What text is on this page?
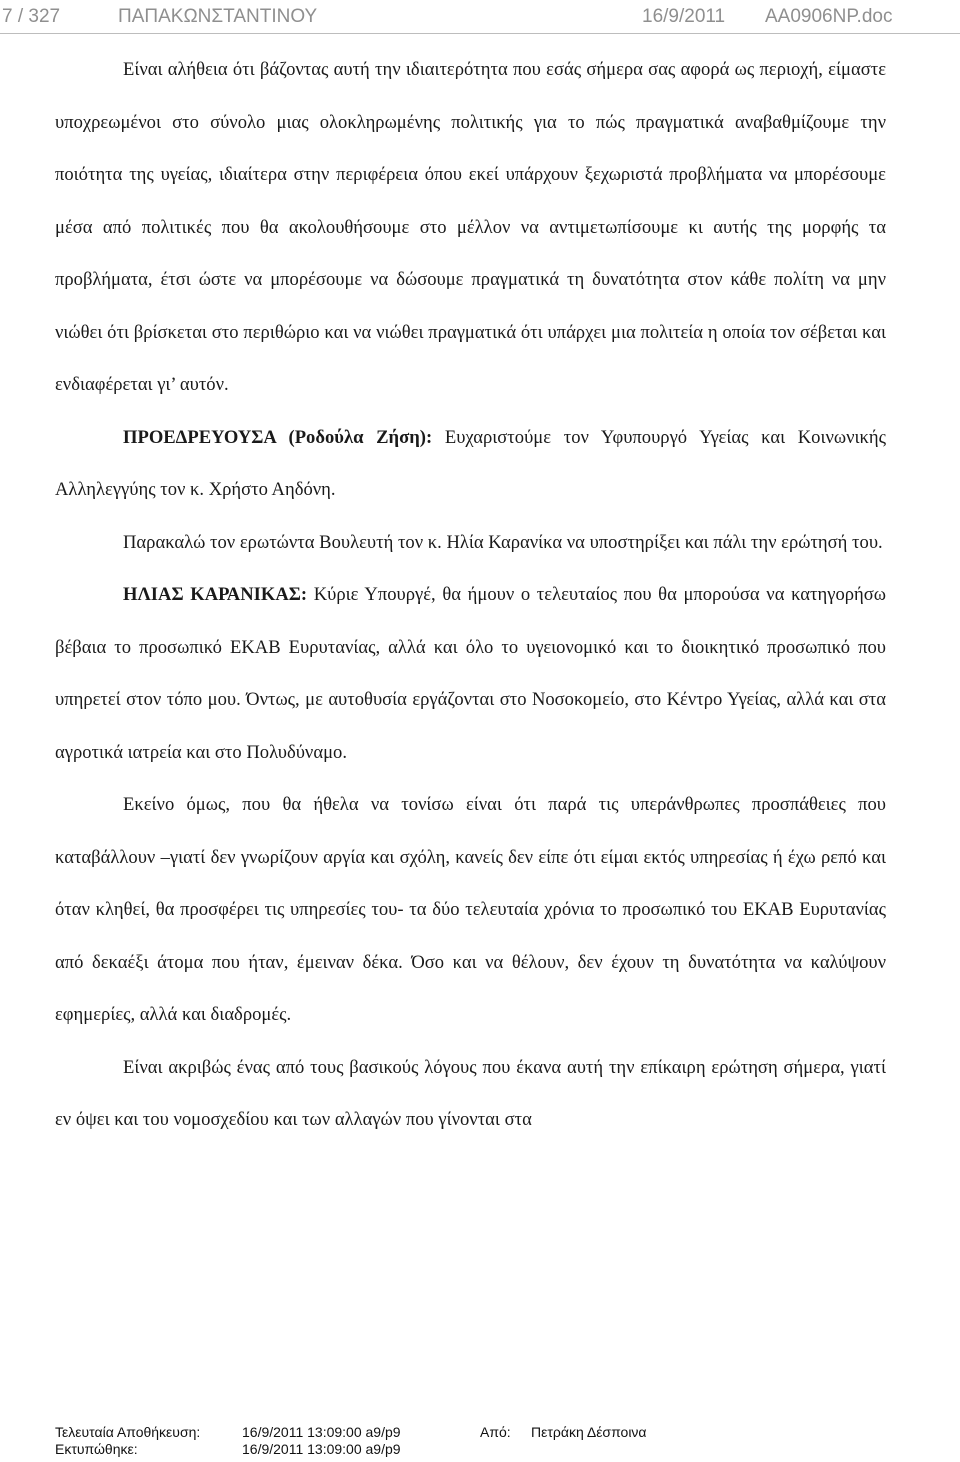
7 / 327	ΠΑΠΑΚΩΝΣΤΑΝΤΙΝΟΥ	16/9/2011 AA0906NP.doc

Είναι αλήθεια ότι βάζοντας αυτή την ιδιαιτερότητα που εσάς σήμερα σας αφορά ως περιοχή, είμαστε υποχρεωμένοι στο σύνολο μιας ολοκληρωμένης πολιτικής για το πώς πραγματικά αναβαθμίζουμε την ποιότητα της υγείας, ιδιαίτερα στην περιφέρεια όπου εκεί υπάρχουν ξεχωριστά προβλήματα να μπορέσουμε μέσα από πολιτικές που θα ακολουθήσουμε στο μέλλον να αντιμετωπίσουμε κι αυτής της μορφής τα προβλήματα, έτσι ώστε να μπορέσουμε να δώσουμε πραγματικά τη δυνατότητα στον κάθε πολίτη να μην νιώθει ότι βρίσκεται στο περιθώριο και να νιώθει πραγματικά ότι υπάρχει μια πολιτεία η οποία τον σέβεται και ενδιαφέρεται γι’ αυτόν.

ΠΡΟΕΔΡΕΥΟΥΣΑ (Ροδούλα Ζήση): Ευχαριστούμε τον Υφυπουργό Υγείας και Κοινωνικής Αλληλεγγύης τον κ. Χρήστο Αηδόνη.

Παρακαλώ τον ερωτώντα Βουλευτή τον κ. Ηλία Καρανίκα να υποστηρίξει και πάλι την ερώτησή του.

ΗΛΙΑΣ ΚΑΡΑΝΙΚΑΣ: Κύριε Υπουργέ, θα ήμουν ο τελευταίος που θα μπορούσα να κατηγορήσω βέβαια το προσωπικό ΕΚΑΒ Ευρυτανίας, αλλά και όλο το υγειονομικό και το διοικητικό προσωπικό που υπηρετεί στον τόπο μου. Όντως, με αυτοθυσία εργάζονται στο Νοσοκομείο, στο Κέντρο Υγείας, αλλά και στα αγροτικά ιατρεία και στο Πολυδύναμο.

Εκείνο όμως, που θα ήθελα να τονίσω είναι ότι παρά τις υπεράνθρωπες προσπάθειες που καταβάλλουν –γιατί δεν γνωρίζουν αργία και σχόλη, κανείς δεν είπε ότι είμαι εκτός υπηρεσίας ή έχω ρεπό και όταν κληθεί, θα προσφέρει τις υπηρεσίες του- τα δύο τελευταία χρόνια το προσωπικό του ΕΚΑΒ Ευρυτανίας από δεκαέξι άτομα που ήταν, έμειναν δέκα. Όσο και να θέλουν, δεν έχουν τη δυνατότητα να καλύψουν εφημερίες, αλλά και διαδρομές.

Είναι ακριβώς ένας από τους βασικούς λόγους που έκανα αυτή την επίκαιρη ερώτηση σήμερα, γιατί εν όψει και του νομοσχεδίου και των αλλαγών που γίνονται στα

Τελευταία Αποθήκευση:	16/9/2011 13:09:00 a9/p9	Από: Πετράκη Δέσποινα
Εκτυπώθηκε:	16/9/2011 13:09:00 a9/p9
